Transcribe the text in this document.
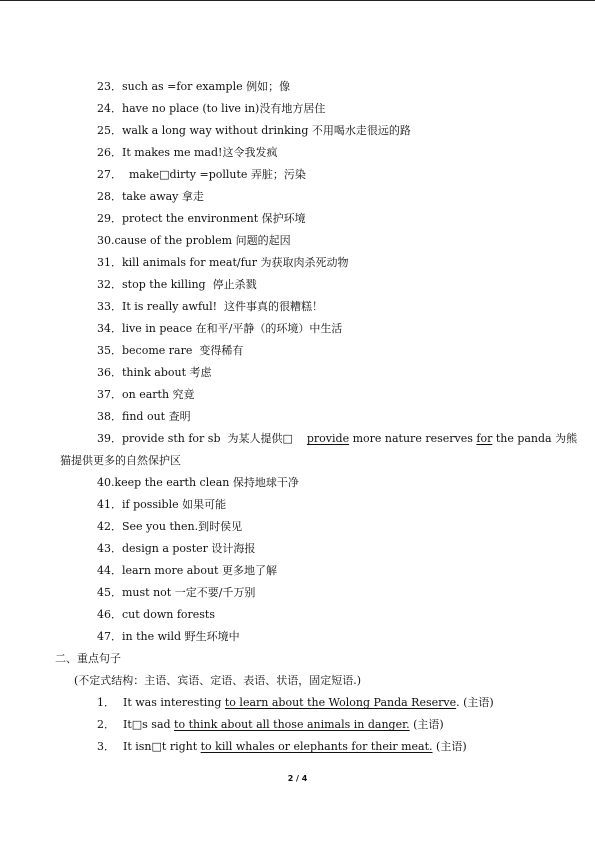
23．such as =for example 例如；像
24．have no place (to live in)没有地方居住
25．walk a long way without drinking 不用喝水走很远的路
26．It makes me mad!这令我发疯
27．  make□dirty =pollute 弄脏；污染
28．take away 拿走
29．protect the environment 保护环境
30.cause of the problem 问题的起因
31．kill animals for meat/fur 为获取肉杀死动物
32．stop the killing  停止杀戮
33．It is really awful!  这件事真的很糟糕！
34．live in peace 在和平/平静（的环境）中生活
35．become rare  变得稀有
36．think about 考虑
37．on earth 究竟
38．find out 查明
39．provide sth for sb  为某人提供□ provide more nature reserves for the panda 为熊
猫提供更多的自然保护区
40.keep the earth clean 保持地球干净
41．if possible 如果可能
42．See you then.到时侯见
43．design a poster 设计海报
44．learn more about 更多地了解
45．must not 一定不要/千万别
46．cut down forests
47．in the wild 野生环境中
二、重点句子
(不定式结构：主语、宾语、定语、表语、状语，固定短语.)
1． It was interesting to learn about the Wolong Panda Reserve. (主语)
2． It□s sad to think about all those animals in danger. (主语)
3． It isn□t right to kill whales or elephants for their meat. (主语)
2 / 4
